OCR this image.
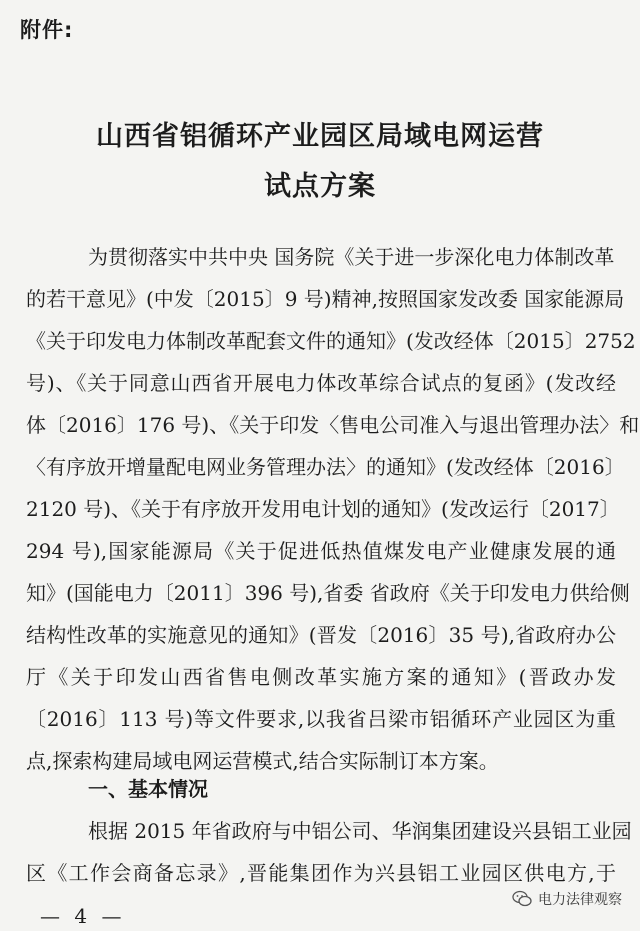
附件:
山西省铝循环产业园区局域电网运营
试点方案
为贯彻落实中共中央 国务院《关于进一步深化电力体制改革
的若干意见》(中发〔2015〕9 号)精神,按照国家发改委 国家能源局
《关于印发电力体制改革配套文件的通知》(发改经体〔2015〕2752
号)、《关于同意山西省开展电力体改革综合试点的复函》(发改经
体〔2016〕176 号)、《关于印发〈售电公司准入与退出管理办法〉和
〈有序放开增量配电网业务管理办法〉的通知》(发改经体〔2016〕
2120 号)、《关于有序放开发用电计划的通知》(发改运行〔2017〕
294 号),国家能源局《关于促进低热值煤发电产业健康发展的通
知》(国能电力〔2011〕396 号),省委 省政府《关于印发电力供给侧
结构性改革的实施意见的通知》(晋发〔2016〕35 号),省政府办公
厅《关于印发山西省售电侧改革实施方案的通知》(晋政办发
〔2016〕113 号)等文件要求,以我省吕梁市铝循环产业园区为重
点,探索构建局域电网运营模式,结合实际制订本方案。
一、基本情况
根据 2015 年省政府与中铝公司、华润集团建设兴县铝工业园
区《工作会商备忘录》,晋能集团作为兴县铝工业园区供电方,于
— 4 —
电力法律观察
